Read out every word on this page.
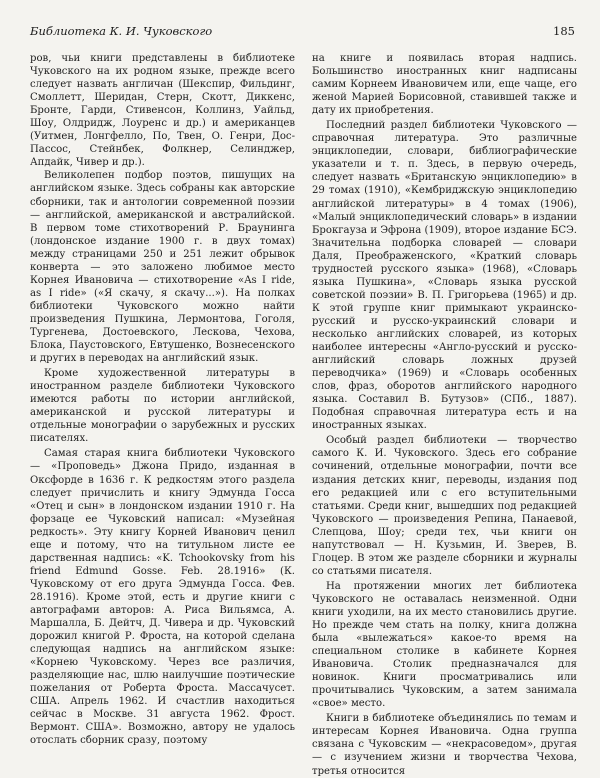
Библиотека К. И. Чуковского	185

ров, чьи книги представлены в библиотеке Чуковского на их родном языке, прежде всего следует назвать англичан (Шекспир, Фильдинг, Смоллетт, Шеридан, Стерн, Скотт, Диккенс, Бронте, Гарди, Стивенсон, Коллинз, Уайльд, Шоу, Олдридж, Лоуренс и др.) и американцев (Уитмен, Лонгфелло, По, Твен, О. Генри, Дос-Пассос, Стейнбек, Фолкнер, Селинджер, Апдайк, Чивер и др.).

Великолепен подбор поэтов, пишущих на английском языке. Здесь собраны как авторские сборники, так и антологии современной поэзии — английской, американской и австралийской. В первом томе стихотворений Р. Браунинга (лондонское издание 1900 г. в двух томах) между страницами 250 и 251 лежит обрывок конверта — это заложено любимое место Корнея Ивановича — стихотворение «As I ride, as I ride» («Я скачу, я скачу...»). На полках библиотеки Чуковского можно найти произведения Пушкина, Лермонтова, Гоголя, Тургенева, Достоевского, Лескова, Чехова, Блока, Паустовского, Евтушенко, Вознесенского и других в переводах на английский язык.

Кроме художественной литературы в иностранном разделе библиотеки Чуковского имеются работы по истории английской, американской и русской литературы и отдельные монографии о зарубежных и русских писателях.

Самая старая книга библиотеки Чуковского — «Проповедь» Джона Придо, изданная в Оксфорде в 1636 г. К редкостям этого раздела следует причислить и книгу Эдмунда Госса «Отец и сын» в лондонском издании 1910 г. На форзаце ее Чуковский написал: «Музейная редкость». Эту книгу Корней Иванович ценил еще и потому, что на титульном листе ее дарственная надпись: «K. Tchookovsky from his friend Edmund Gosse. Feb. 28.1916» (К. Чуковскому от его друга Эдмунда Госса. Фев. 28.1916). Кроме этой, есть и другие книги с автографами авторов: А. Риса Вильямса, А. Маршалла, Б. Дейтч, Д. Чивера и др. Чуковский дорожил книгой Р. Фроста, на которой сделана следующая надпись на английском языке: «Корнею Чуковскому. Через все различия, разделяющие нас, шлю наилучшие поэтические пожелания от Роберта Фроста. Массачусет. США. Апрель 1962. И счастлив находиться сейчас в Москве. 31 августа 1962. Фрост. Вермонт. США». Возможно, автору не удалось отослать сборник сразу, поэтому

на книге и появилась вторая надпись. Большинство иностранных книг надписаны самим Корнеем Ивановичем или, еще чаще, его женой Марией Борисовной, ставившей также и дату их приобретения.

Последний раздел библиотеки Чуковского — справочная литература. Это различные энциклопедии, словари, библиографические указатели и т. п. Здесь, в первую очередь, следует назвать «Британскую энциклопедию» в 29 томах (1910), «Кембриджскую энциклопедию английской литературы» в 4 томах (1906), «Малый энциклопедический словарь» в издании Брокгауза и Эфрона (1909), второе издание БСЭ. Значительна подборка словарей — словари Даля, Преображенского, «Краткий словарь трудностей русского языка» (1968), «Словарь языка Пушкина», «Словарь языка русской советской поэзии» В. П. Григорьева (1965) и др. К этой группе книг примыкают украинско-русский и русско-украинский словари и несколько английских словарей, из которых наиболее интересны «Англо-русский и русско-английский словарь ложных друзей переводчика» (1969) и «Словарь особенных слов, фраз, оборотов английского народного языка. Составил В. Бутузов» (СПб., 1887). Подобная справочная литература есть и на иностранных языках.

Особый раздел библиотеки — творчество самого К. И. Чуковского. Здесь его собрание сочинений, отдельные монографии, почти все издания детских книг, переводы, издания под его редакцией или с его вступительными статьями. Среди книг, вышедших под редакцией Чуковского — произведения Репина, Панаевой, Слепцова, Шоу; среди тех, чьи книги он напутствовал — Н. Кузьмин, И. Зверев, В. Глоцер. В этом же разделе сборники и журналы со статьями писателя.

На протяжении многих лет библиотека Чуковского не оставалась неизменной. Одни книги уходили, на их место становились другие. Но прежде чем стать на полку, книга должна была «вылежаться» какое-то время на специальном столике в кабинете Корнея Ивановича. Столик предназначался для новинок. Книги просматривались или прочитывались Чуковским, а затем занимала «свое» место.

Книги в библиотеке объединялись по темам и интересам Корнея Ивановича. Одна группа связана с Чуковским — «некрасоведом», другая — с изучением жизни и творчества Чехова, третья относится
